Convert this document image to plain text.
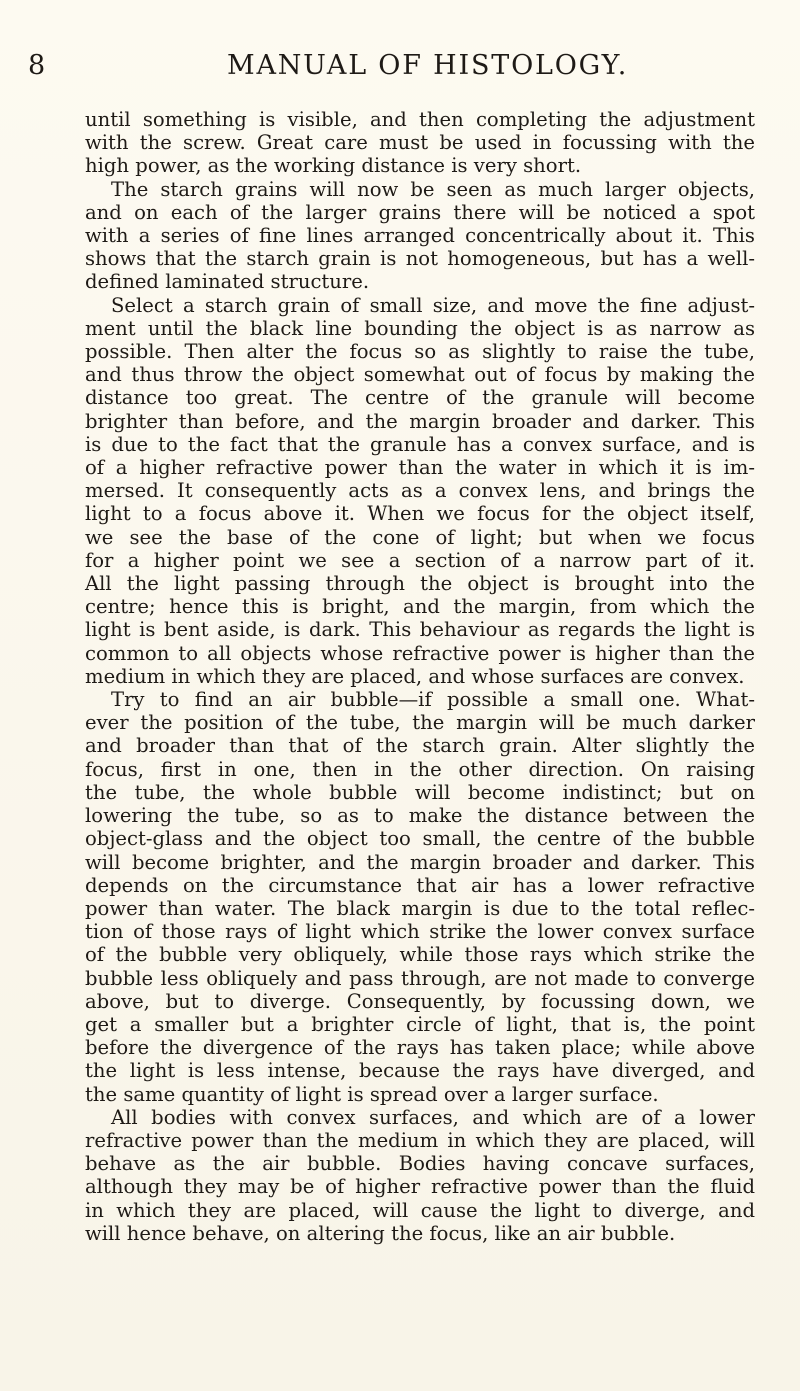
8	MANUAL OF HISTOLOGY.

until something is visible, and then completing the adjustment

with the screw. Great care must be used in focussing with the

high power, as the working distance is very short.

The starch grains will now be seen as much larger objects,

and on each of the larger grains there will be noticed a spot

with a series of fine lines arranged concentrically about it. This

shows that the starch grain is not homogeneous, but has a well-

defined laminated structure.

Select a starch grain of small size, and move the fine adjust-

ment until the black line bounding the object is as narrow as

possible. Then alter the focus so as slightly to raise the tube,

and thus throw the object somewhat out of focus by making the

distance too great. The centre of the granule will become

brighter than before, and the margin broader and darker. This

is due to the fact that the granule has a convex surface, and is

of a higher refractive power than the water in which it is im-

mersed. It consequently acts as a convex lens, and brings the

light to a focus above it. When we focus for the object itself,

we see the base of the cone of light; but when we focus

for a higher point we see a section of a narrow part of it.

All the light passing through the object is brought into the

centre; hence this is bright, and the margin, from which the

light is bent aside, is dark. This behaviour as regards the light is

common to all objects whose refractive power is higher than the

medium in which they are placed, and whose surfaces are convex.

Try to find an air bubble—if possible a small one. What-

ever the position of the tube, the margin will be much darker

and broader than that of the starch grain. Alter slightly the

focus, first in one, then in the other direction. On raising

the tube, the whole bubble will become indistinct; but on

lowering the tube, so as to make the distance between the

object-glass and the object too small, the centre of the bubble

will become brighter, and the margin broader and darker. This

depends on the circumstance that air has a lower refractive

power than water. The black margin is due to the total reflec-

tion of those rays of light which strike the lower convex surface

of the bubble very obliquely, while those rays which strike the

bubble less obliquely and pass through, are not made to converge

above, but to diverge. Consequently, by focussing down, we

get a smaller but a brighter circle of light, that is, the point

before the divergence of the rays has taken place; while above

the light is less intense, because the rays have diverged, and

the same quantity of light is spread over a larger surface.

All bodies with convex surfaces, and which are of a lower

refractive power than the medium in which they are placed, will

behave as the air bubble. Bodies having concave surfaces,

although they may be of higher refractive power than the fluid

in which they are placed, will cause the light to diverge, and

will hence behave, on altering the focus, like an air bubble.
